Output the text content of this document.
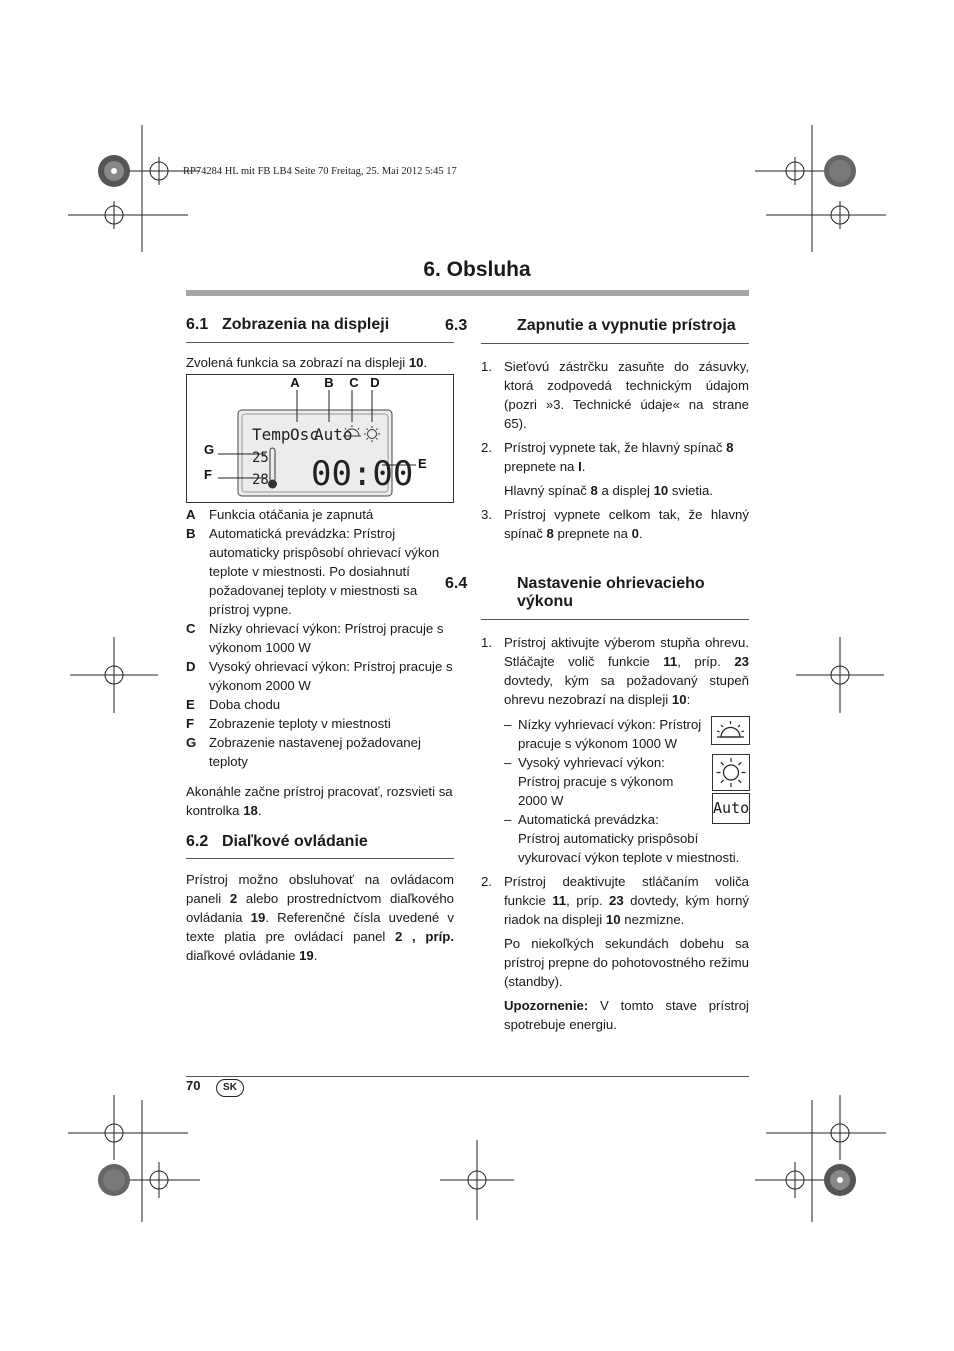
RP74284 HL mit FB LB4 Seite 70 Freitag, 25. Mai 2012 5:45 17
6. Obsluha
6.1 Zobrazenia na displeji

Zvolená funkcia sa zobrazí na displeji 10.

A B C D
G
F
E
Temp Osc
Auto
25
28 00:00
A	Funkcia otáčania je zapnutá
B	Automatická prevádzka: Prístroj automaticky prispôsobí ohrievací výkon teplote v miestnosti. Po dosiahnutí požadovanej teploty v miestnosti sa prístroj vypne.
C	Nízky ohrievací výkon: Prístroj pracuje s výkonom 1000 W
D	Vysoký ohrievací výkon: Prístroj pracuje s výkonom 2000 W
E	Doba chodu
F	Zobrazenie teploty v miestnosti
G Zobrazenie nastavenej požadovanej teploty

Akonáhle začne prístroj pracovať, rozsvieti sa kontrolka 18.

6.2 Diaľkové ovládanie

Prístroj možno obsluhovať na ovládacom paneli 2 alebo prostredníctvom diaľkového ovládania 19. Referenčné čísla uvedené v texte platia pre ovládací panel 2 , príp. diaľkové ovládanie 19.

6.3	Zapnutie a vypnutie prístroja
1. Sieťovú zástrčku zasuňte do zásuvky, ktorá zodpovedá technickým údajom (pozri »3. Technické údaje« na strane 65).
2. Prístroj vypnete tak, že hlavný spínač 8 prepnete na I.

Hlavný spínač 8 a displej 10 svietia.

3. Prístroj vypnete celkom tak, že hlavný spínač 8 prepnete na 0.
6.4	Nastavenie ohrievacieho výkonu
1. Prístroj aktivujte výberom stupňa ohrevu. Stláčajte volič funkcie 11, príp. 23 dovtedy, kým sa požadovaný stupeň ohrevu nezobrazí na displeji 10:
– Nízky vyhrievací výkon: Prístroj pracuje s výkonom 1000 W
– Vysoký vyhrievací výkon: Prístroj pracuje s výkonom 2000 W
– Automatická prevádzka:

Prístroj automaticky prispôsobí vykurovací výkon teplote v miestnosti.

2. Prístroj deaktivujte stláčaním voliča funkcie 11, príp. 23 dovtedy, kým horný riadok na displeji 10 nezmizne.

Po niekoľkých sekundách dobehu sa prístroj prepne do pohotovostného režimu (standby).

Upozornenie: V tomto stave prístroj spotrebuje energiu.

Auto
70	SK
